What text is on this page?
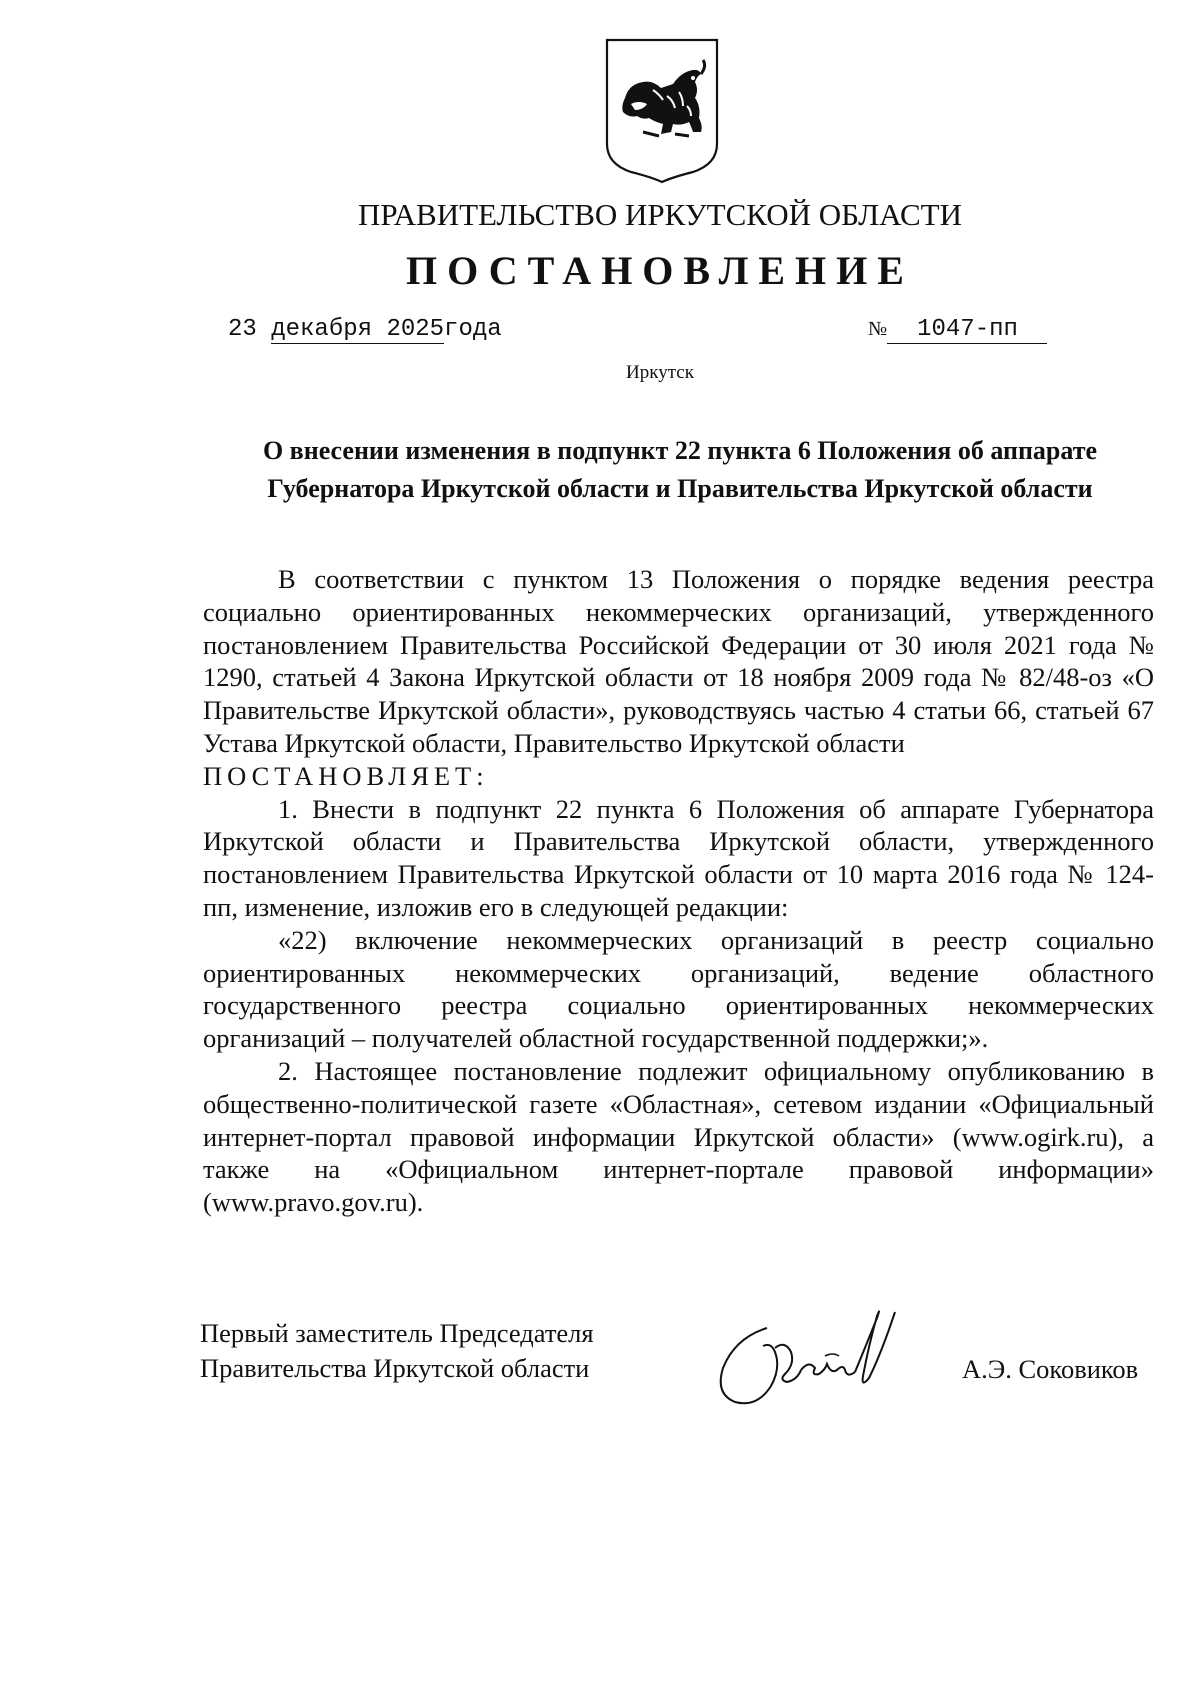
ПРАВИТЕЛЬСТВО ИРКУТСКОЙ ОБЛАСТИ
ПОСТАНОВЛЕНИЕ
23 декабря 2025года	№ 1047-пп
Иркутск
О внесении изменения в подпункт 22 пункта 6 Положения об аппарате
Губернатора Иркутской области и Правительства Иркутской области

В соответствии с пунктом 13 Положения о порядке ведения реестра социально ориентированных некоммерческих организаций, утвержденного постановлением Правительства Российской Федерации от 30 июля 2021 года № 1290, статьей 4 Закона Иркутской области от 18 ноября 2009 года № 82/48-оз «О Правительстве Иркутской области», руководствуясь частью 4 статьи 66, статьей 67 Устава Иркутской области, Правительство Иркутской области

ПОСТАНОВЛЯЕТ:

1. Внести в подпункт 22 пункта 6 Положения об аппарате Губернатора Иркутской области и Правительства Иркутской области, утвержденного постановлением Правительства Иркутской области от 10 марта 2016 года № 124-пп, изменение, изложив его в следующей редакции:

«22) включение некоммерческих организаций в реестр социально ориентированных некоммерческих организаций, ведение областного государственного реестра социально ориентированных некоммерческих организаций – получателей областной государственной поддержки;».

2. Настоящее постановление подлежит официальному опубликованию в общественно-политической газете «Областная», сетевом издании «Официальный интернет-портал правовой информации Иркутской области» (www.ogirk.ru), а также на «Официальном интернет-портале правовой информации» (www.pravo.gov.ru).

Первый заместитель Председателя
Правительства Иркутской области	А.Э. Соковиков
